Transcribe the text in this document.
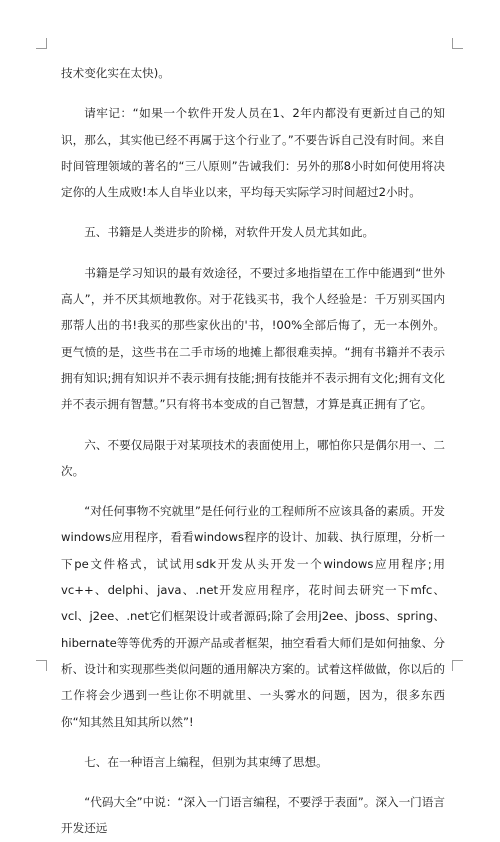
技术变化实在太快)。

请牢记：“如果一个软件开发人员在1、2年内都没有更新过自己的知识，那么，其实他已经不再属于这个行业了。”不要告诉自己没有时间。来自时间管理领域的著名的“三八原则”告诫我们：另外的那8小时如何使用将决定你的人生成败!本人自毕业以来，平均每天实际学习时间超过2小时。

五、书籍是人类进步的阶梯，对软件开发人员尤其如此。

书籍是学习知识的最有效途径，不要过多地指望在工作中能遇到“世外高人”，并不厌其烦地教你。对于花钱买书，我个人经验是：千万别买国内那帮人出的书!我买的那些家伙出的'书，!00%全部后悔了，无一本例外。更气愤的是，这些书在二手市场的地摊上都很难卖掉。“拥有书籍并不表示拥有知识;拥有知识并不表示拥有技能;拥有技能并不表示拥有文化;拥有文化并不表示拥有智慧。”只有将书本变成的自己智慧，才算是真正拥有了它。

六、不要仅局限于对某项技术的表面使用上，哪怕你只是偶尔用一、二次。

“对任何事物不究就里”是任何行业的工程师所不应该具备的素质。开发windows应用程序，看看windows程序的设计、加载、执行原理，分析一下pe文件格式，试试用sdk开发从头开发一个windows应用程序;用vc++、delphi、java、.net开发应用程序，花时间去研究一下mfc、vcl、j2ee、.net它们框架设计或者源码;除了会用j2ee、jboss、spring、hibernate等等优秀的开源产品或者框架，抽空看看大师们是如何抽象、分析、设计和实现那些类似问题的通用解决方案的。试着这样做做，你以后的工作将会少遇到一些让你不明就里、一头雾水的问题，因为，很多东西你“知其然且知其所以然”!

七、在一种语言上编程，但别为其束缚了思想。

“代码大全”中说：“深入一门语言编程，不要浮于表面”。深入一门语言开发还远
